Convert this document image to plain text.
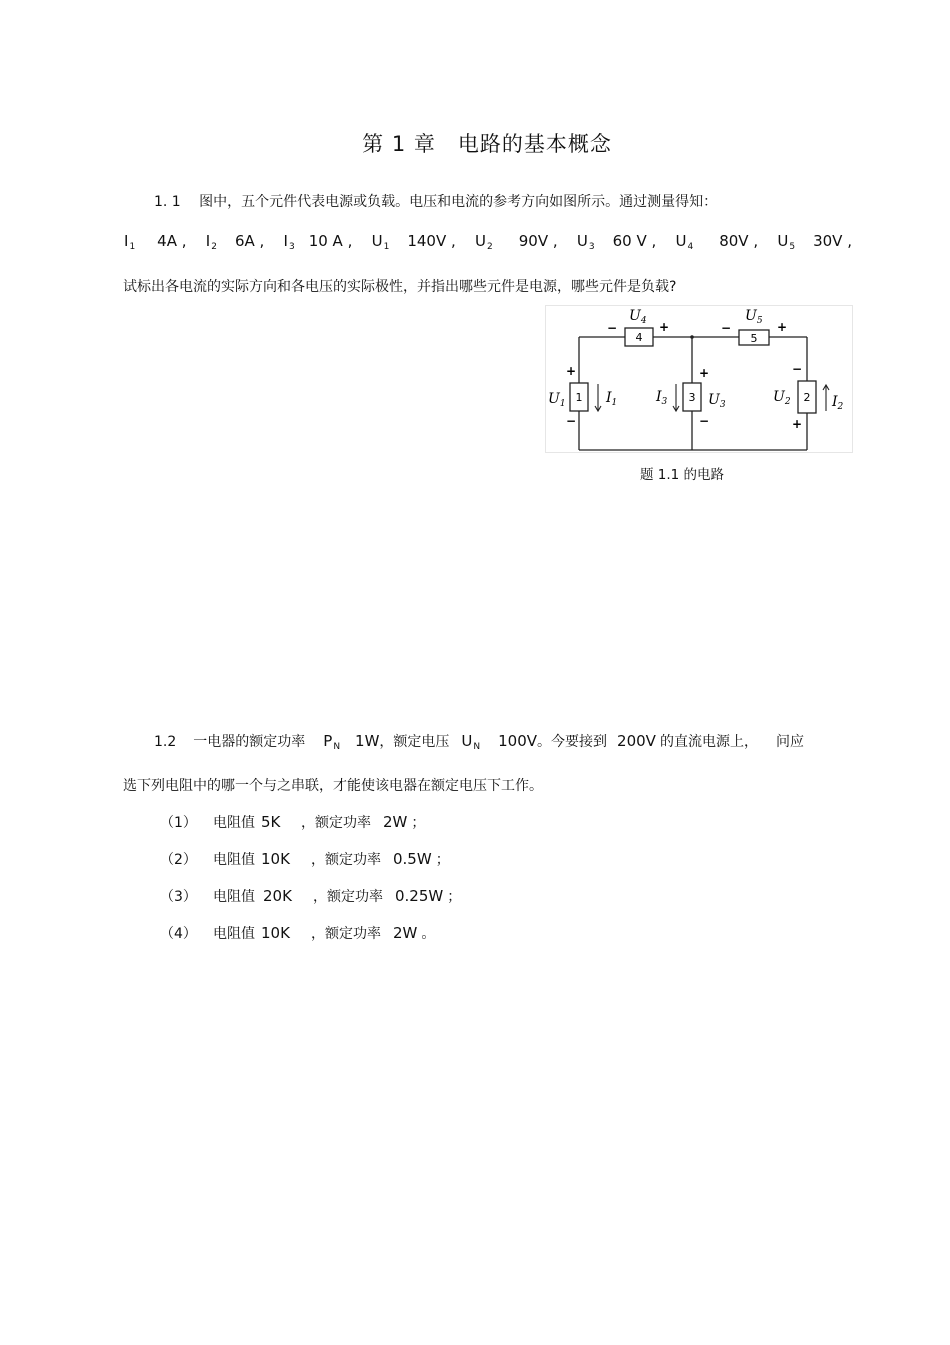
第 1 章　电路的基本概念
1. 1 图中，五个元件代表电源或负载。电压和电流的参考方向如图所示。通过测量得知：
$I_1$ 4A , $I_2$ 6A , $I_3$ 10 A , $U_1$ 140V , $U_2$ 90V , $U_3$ 60 V , $U_4$ 80V , $U_5$ 30V ,
试标出各电流的实际方向和各电压的实际极性，并指出哪些元件是电源，哪些元件是负载?
4	5
1	3	2
$U_4$	$U_5$
$U_1$	$U_3$	$U_2$
$I_1$	$I_3$	$I_2$
−	+	−	+
+
−
+
−
−
+
题 1.1 的电路
1.2 一电器的额定功率 $P_N$ 1W ，额定电压 $U_N$ 100V 。今要接到 200V 的直流电源上， 问应
选下列电阻中的哪一个与之串联，才能使该电器在额定电压下工作。
（1）	电阻值 5K	，额定功率 2W ；
（2）	电阻值 10K	，额定功率 0.5W ；
（3）	电阻值 20K	，额定功率 0.25W ；
（4）	电阻值 10K	，额定功率 2W 。
